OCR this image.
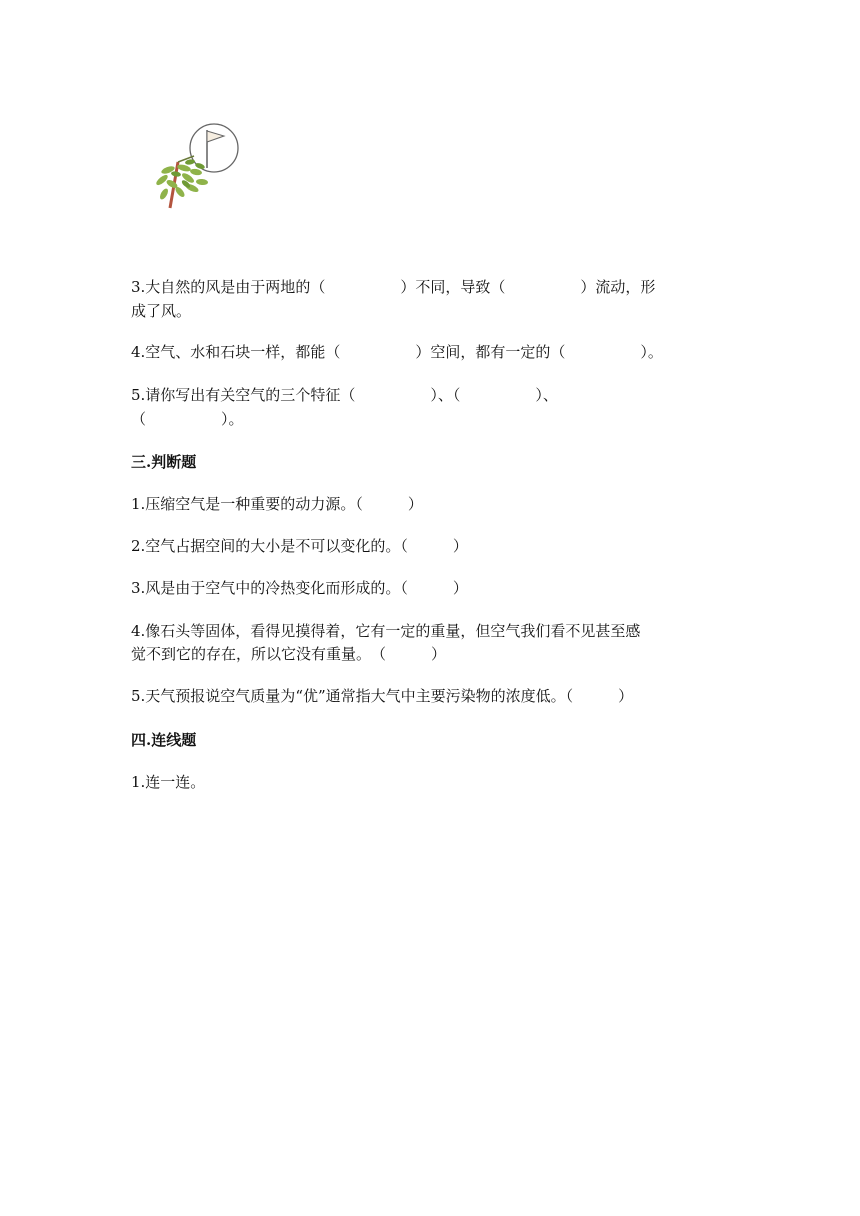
3.大自然的风是由于两地的（　　　　　）不同，导致（　　　　　）流动，形
成了风。
4.空气、水和石块一样，都能（　　　　　）空间，都有一定的（　　　　　）。
5.请你写出有关空气的三个特征（　　　　　）、（　　　　　）、
（　　　　　）。
三.判断题
1.压缩空气是一种重要的动力源。（　　　）
2.空气占据空间的大小是不可以变化的。（　　　）
3.风是由于空气中的冷热变化而形成的。（　　　）
4.像石头等固体，看得见摸得着，它有一定的重量，但空气我们看不见甚至感
觉不到它的存在，所以它没有重量。　（　　　）
5.天气预报说空气质量为“优”通常指大气中主要污染物的浓度低。（　　　）
四.连线题
1.连一连。
